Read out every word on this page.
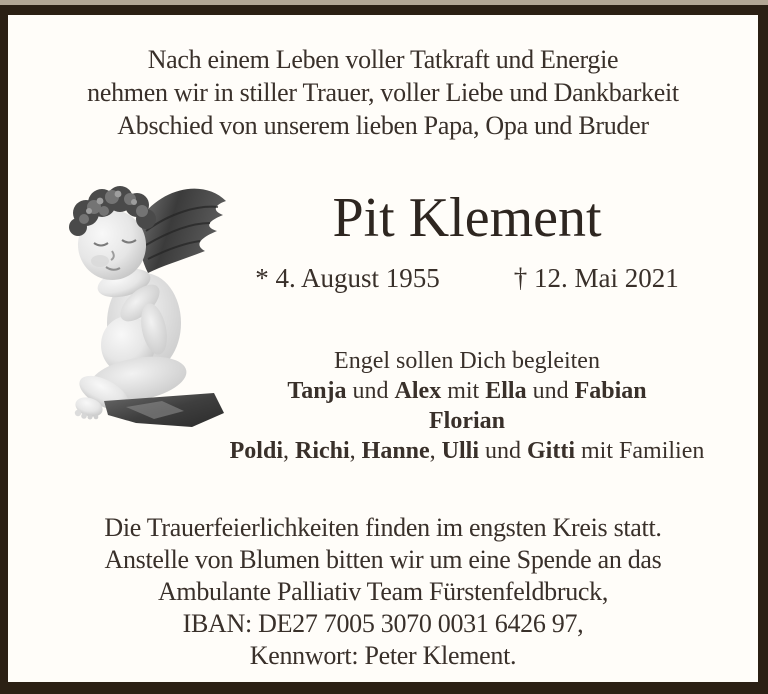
Nach einem Leben voller Tatkraft und Energie
nehmen wir in stiller Trauer, voller Liebe und Dankbarkeit
Abschied von unserem lieben Papa, Opa und Bruder
Pit Klement
* 4. August 1955	† 12. Mai 2021
Engel sollen Dich begleiten
Tanja und Alex mit Ella und Fabian
Florian
Poldi, Richi, Hanne, Ulli und Gitti mit Familien
Die Trauerfeierlichkeiten finden im engsten Kreis statt.
Anstelle von Blumen bitten wir um eine Spende an das
Ambulante Palliativ Team Fürstenfeldbruck,
IBAN: DE27 7005 3070 0031 6426 97,
Kennwort: Peter Klement.
